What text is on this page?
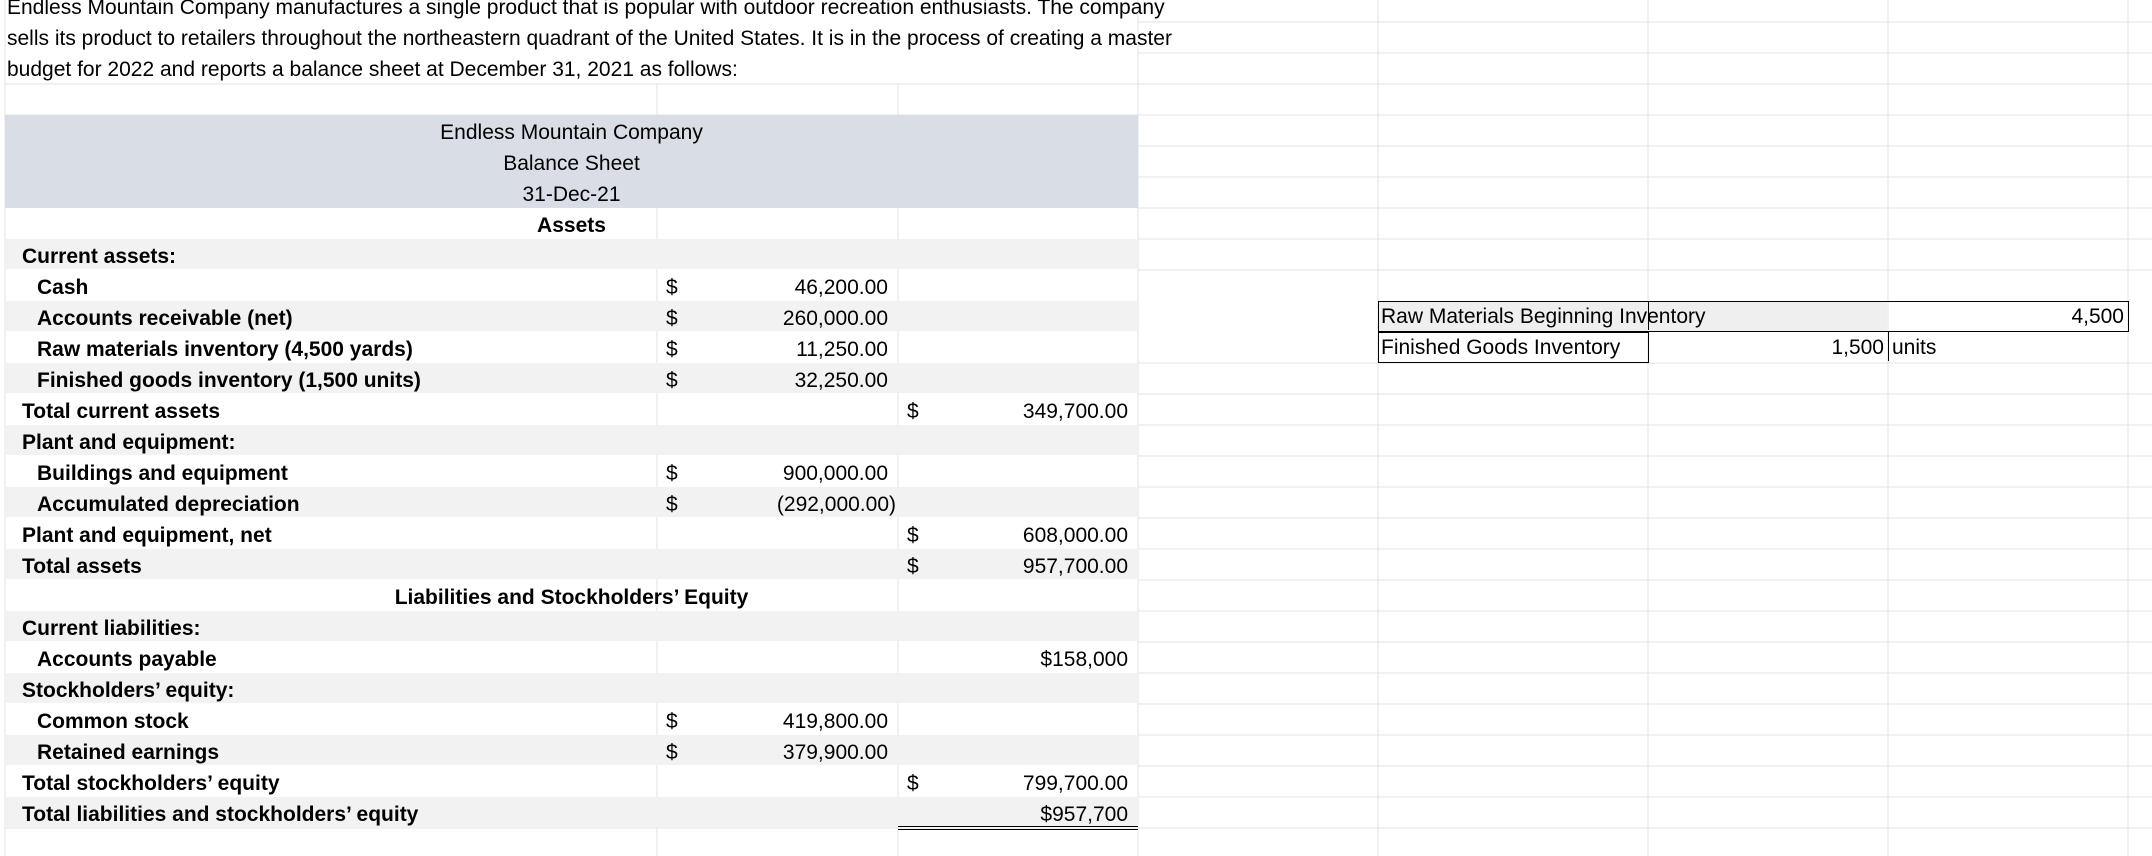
Endless Mountain Company manufactures a single product that is popular with outdoor recreation enthusiasts. The company sells its product to retailers throughout the northeastern quadrant of the United States. It is in the process of creating a master budget for 2022 and reports a balance sheet at December 31, 2021 as follows:
Endless Mountain Company
Balance Sheet
31-Dec-21
Assets
Current assets:
Cash	$	46,200.00
Accounts receivable (net)	$	260,000.00
Raw materials inventory (4,500 yards)	$	11,250.00
Finished goods inventory (1,500 units)	$	32,250.00
Total current assets	$	349,700.00
Plant and equipment:
Buildings and equipment	$	900,000.00
Accumulated depreciation	$	(292,000.00)
Plant and equipment, net	$	608,000.00
Total assets	$	957,700.00
Liabilities and Stockholders’ Equity
Current liabilities:
Accounts payable	$158,000
Stockholders’ equity:
Common stock	$	419,800.00
Retained earnings	$	379,900.00
Total stockholders’ equity	$	799,700.00
Total liabilities and stockholders’ equity	$957,700
Raw Materials Beginning Inventory	4,500
Finished Goods Inventory	1,500 units
